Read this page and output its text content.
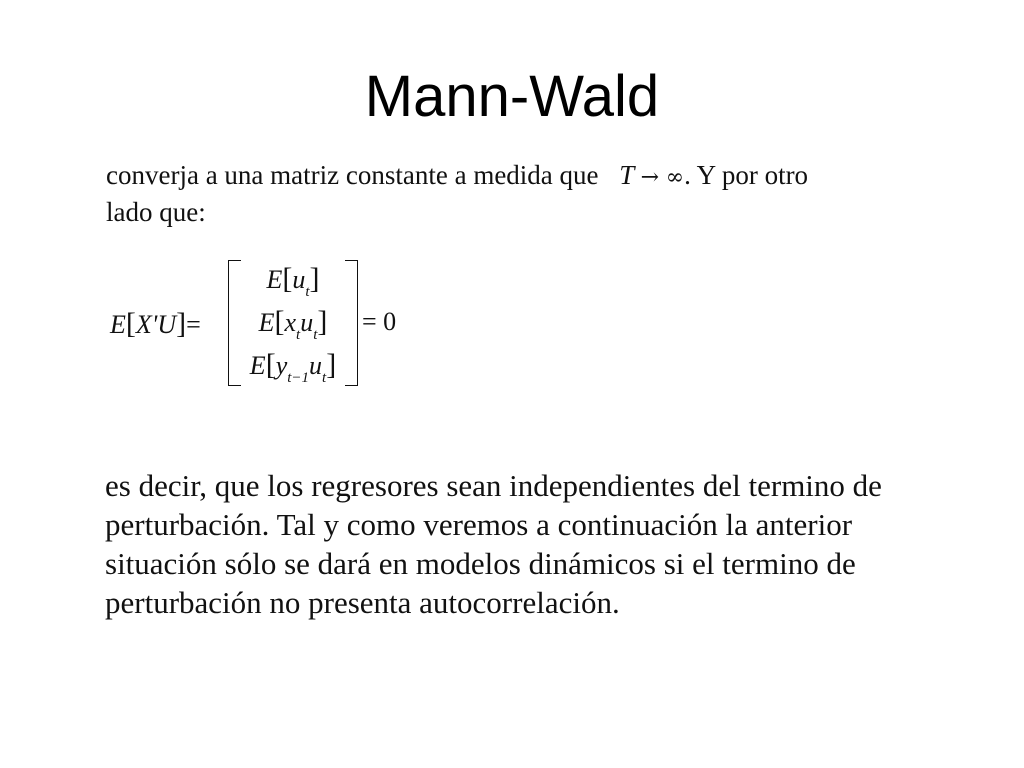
Mann-Wald
converja a una matriz constante a medida que T → ∞. Y por otro
lado que:
E[X'U]=
$E[u_t]$
$E[x_tu_t]$
$E[y_{t-1}u_t]$
= 0
es decir, que los regresores sean independientes del termino de
perturbación. Tal y como veremos a continuación la anterior
situación sólo se dará en modelos dinámicos si el termino de
perturbación no presenta autocorrelación.
